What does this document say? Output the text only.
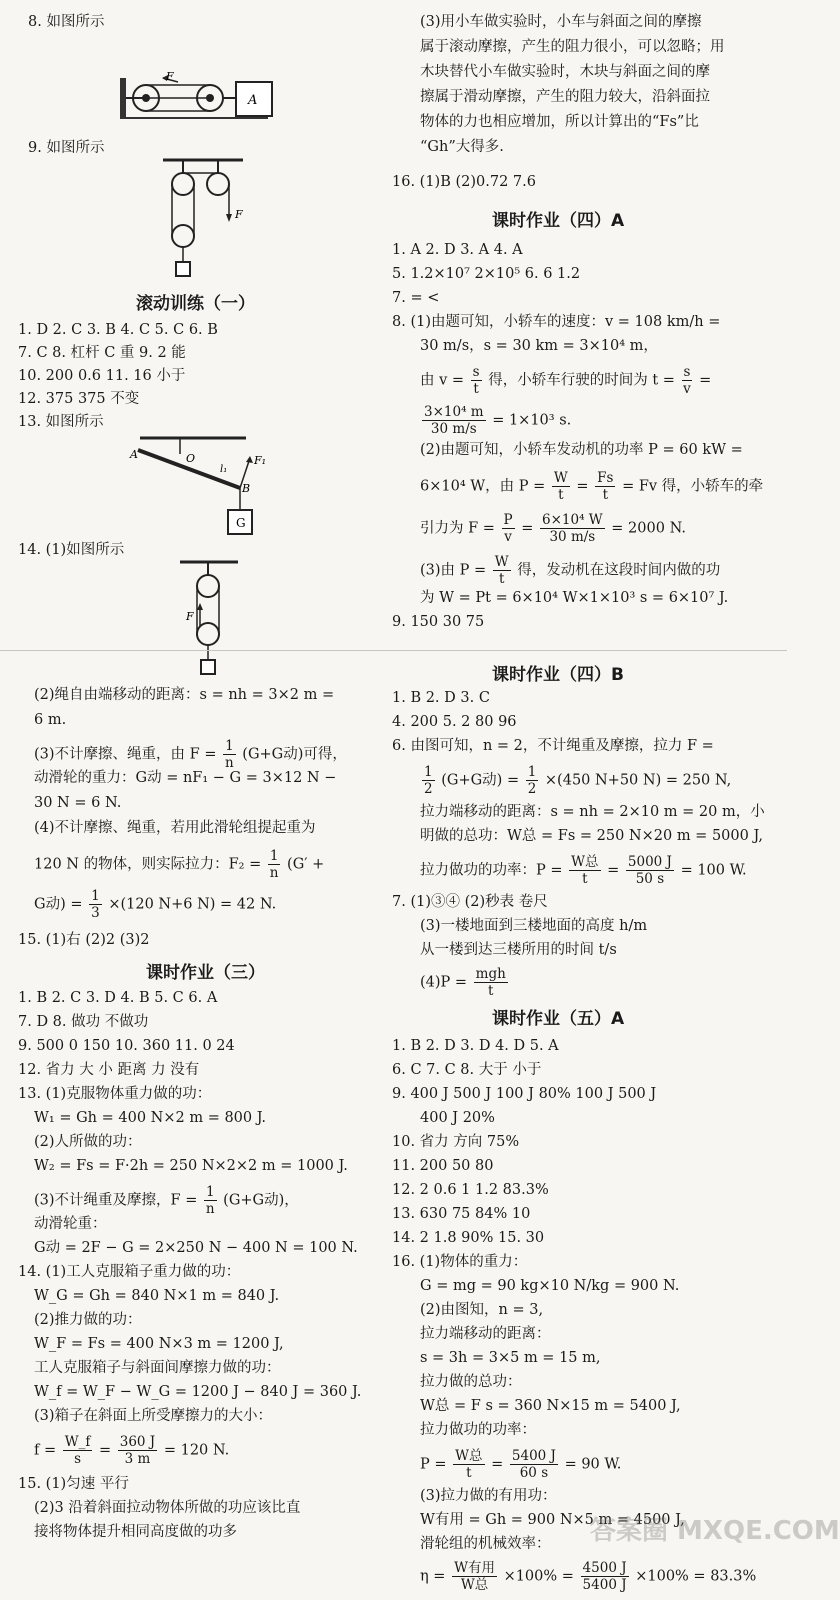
8. 如图所示
F
A
9. 如图所示
F
滚动训练（一）
1. D 2. C 3. B 4. C 5. C 6. B
7. C 8. 杠杆 C 重 9. 2 能
10. 200 0.6 11. 16 小于
12. 375 375 不变
13. 如图所示
A	O
l₁
F₁
B
G
14. (1)如图所示
F
(2)绳自由端移动的距离：s = nh = 3×2 m =
6 m.
(3)不计摩擦、绳重，由 $F = \frac{1}{n} (G+G$动)可得，
动滑轮的重力：G动 = nF₁ − G = 3×12 N −
30 N = 6 N.
(4)不计摩擦、绳重，若用此滑轮组提起重为
120 N 的物体，则实际拉力：$F_2 = \frac{1}{n} (G'$ +
G动) = $\frac{1}{3} \times(120$ N+6 N) = 42 N.
15. (1)右 (2)2 (3)2
课时作业（三）
1. B 2. C 3. D 4. B 5. C 6. A
7. D 8. 做功 不做功
9. 500 0 150 10. 360 11. 0 24
12. 省力 大 小 距离 力 没有
13. (1)克服物体重力做的功：
W₁ = Gh = 400 N×2 m = 800 J.
(2)人所做的功：
W₂ = Fs = F·2h = 250 N×2×2 m = 1000 J.
(3)不计绳重及摩擦，$F = \frac{1}{n} (G+G$动)，
动滑轮重：
G动 = 2F − G = 2×250 N − 400 N = 100 N.
14. (1)工人克服箱子重力做的功：
W_G = Gh = 840 N×1 m = 840 J.
(2)推力做的功：
W_F = Fs = 400 N×3 m = 1200 J,
工人克服箱子与斜面间摩擦力做的功：
W_f = W_F − W_G = 1200 J − 840 J = 360 J.
(3)箱子在斜面上所受摩擦力的大小：
$f = \frac{W\_f}{s} = \frac{360 J}{3 m} = 120$ N.
15. (1)匀速 平行
(2)3 沿着斜面拉动物体所做的功应该比直
接将物体提升相同高度做的功多
(3)用小车做实验时，小车与斜面之间的摩擦
属于滚动摩擦，产生的阻力很小，可以忽略；用
木块替代小车做实验时，木块与斜面之间的摩
擦属于滑动摩擦，产生的阻力较大，沿斜面拉
物体的力也相应增加，所以计算出的“Fs”比
“Gh”大得多.
16. (1)B (2)0.72 7.6
课时作业（四）A
1. A 2. D 3. A 4. A
5. 1.2×10⁷ 2×10⁵ 6. 6 1.2
7. = <
8. (1)由题可知，小轿车的速度：v = 108 km/h =
30 m/s，s = 30 km = 3×10⁴ m，
由 $v = \frac{s}{t}$ 得，小轿车行驶的时间为 $t = \frac{s}{v}$ =
$\frac{\text{3×10⁴ m}}{30 m/s} = 1\times 10^3$ s.
(2)由题可知，小轿车发动机的功率 P = 60 kW =
6×10⁴ W，由 $P = \frac{W}{t} = \frac{Fs}{t} = Fv$ 得，小轿车的牵
引力为 $F = \frac{P}{v} = \frac{\text{6×10⁴ W}}{30 m/s} = 2000$ N.
(3)由 $P = \frac{W}{t}$ 得，发动机在这段时间内做的功
为 W = Pt = 6×10⁴ W×1×10³ s = 6×10⁷ J.
9. 150 30 75
课时作业（四）B
1. B 2. D 3. C
4. 200 5. 2 80 96
6. 由图可知，n = 2，不计绳重及摩擦，拉力 F =
$\frac{1}{2} (G+G$动) = $\frac{1}{2} \times(450$ N+50 N) = 250 N,
拉力端移动的距离：s = nh = 2×10 m = 20 m，小
明做的总功：W总 = Fs = 250 N×20 m = 5000 J,
拉力做功的功率：$P = \frac{\text{W总}}{t} = \frac{5000 J}{50 s} = 100$ W.
7. (1)③④ (2)秒表 卷尺
(3)一楼地面到三楼地面的高度 h/m
从一楼到达三楼所用的时间 t/s
$(4)P = \frac{\text{mgh}}{t}$
课时作业（五）A
1. B 2. D 3. D 4. D 5. A
6. C 7. C 8. 大于 小于
9. 400 J 500 J 100 J 80% 100 J 500 J
400 J 20%
10. 省力 方向 75%
11. 200 50 80
12. 2 0.6 1 1.2 83.3%
13. 630 75 84% 10
14. 2 1.8 90% 15. 30
16. (1)物体的重力：
G = mg = 90 kg×10 N/kg = 900 N.
(2)由图知，n = 3,
拉力端移动的距离：
s = 3h = 3×5 m = 15 m,
拉力做的总功：
W总 = F s = 360 N×15 m = 5400 J,
拉力做功的功率：
$P = \frac{\text{W总}}{t} = \frac{5400 J}{60 s} = 90$ W.
(3)拉力做的有用功：
W有用 = Gh = 900 N×5 m = 4500 J,
滑轮组的机械效率：
$\eta = \frac{\text{W有用}}{\text{W总}} \times 100\% = \frac{4500 J}{5400 J} \times 100\% = 83.3\%$
答案圈 MXQE.COM
